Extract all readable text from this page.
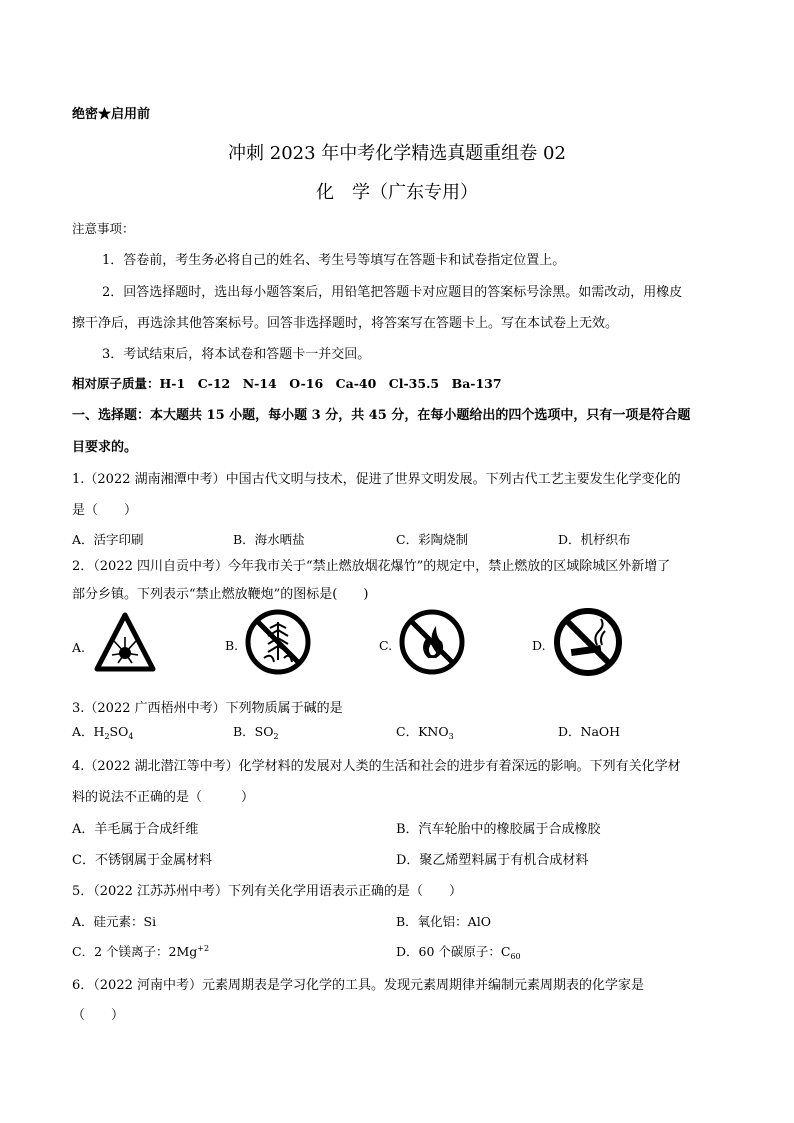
绝密★启用前
冲刺 2023 年中考化学精选真题重组卷 02
化　学（广东专用）
注意事项：
1．答卷前，考生务必将自己的姓名、考生号等填写在答题卡和试卷指定位置上。
2．回答选择题时，选出每小题答案后，用铅笔把答题卡对应题目的答案标号涂黑。如需改动，用橡皮
擦干净后，再选涂其他答案标号。回答非选择题时，将答案写在答题卡上。写在本试卷上无效。
3．考试结束后，将本试卷和答题卡一并交回。
相对原子质量：H-1　C-12　N-14　O-16　Ca-40　Cl-35.5　Ba-137
一、选择题：本大题共 15 小题，每小题 3 分，共 45 分，在每小题给出的四个选项中，只有一项是符合题
目要求的。
1.（2022 湖南湘潭中考）中国古代文明与技术，促进了世界文明发展。下列古代工艺主要发生化学变化的
是（　　）
A．活字印刷	B．海水晒盐	C．彩陶烧制	D．机杼织布
2．（2022 四川自贡中考）今年我市关于“禁止燃放烟花爆竹”的规定中，禁止燃放的区域除城区外新增了
部分乡镇。下列表示“禁止燃放鞭炮”的图标是(　　)
A.	B.	C.	D.
3.（2022 广西梧州中考）下列物质属于碱的是
A．$H_2SO_4$	B．$SO_2$	C．$KNO_3$	D．NaOH
4.（2022 湖北潜江等中考）化学材料的发展对人类的生活和社会的进步有着深远的影响。下列有关化学材
料的说法不正确的是（　　　）
A．羊毛属于合成纤维	B．汽车轮胎中的橡胶属于合成橡胶
C．不锈钢属于金属材料	D．聚乙烯塑料属于有机合成材料
5．（2022 江苏苏州中考）下列有关化学用语表示正确的是（　　）
A．硅元素：Si	B．氧化铝：AlO
C．2 个镁离子：$2Mg^{+2}$	D．60 个碳原子：$C_{60}$
6．（2022 河南中考）元素周期表是学习化学的工具。发现元素周期律并编制元素周期表的化学家是
（　　）
